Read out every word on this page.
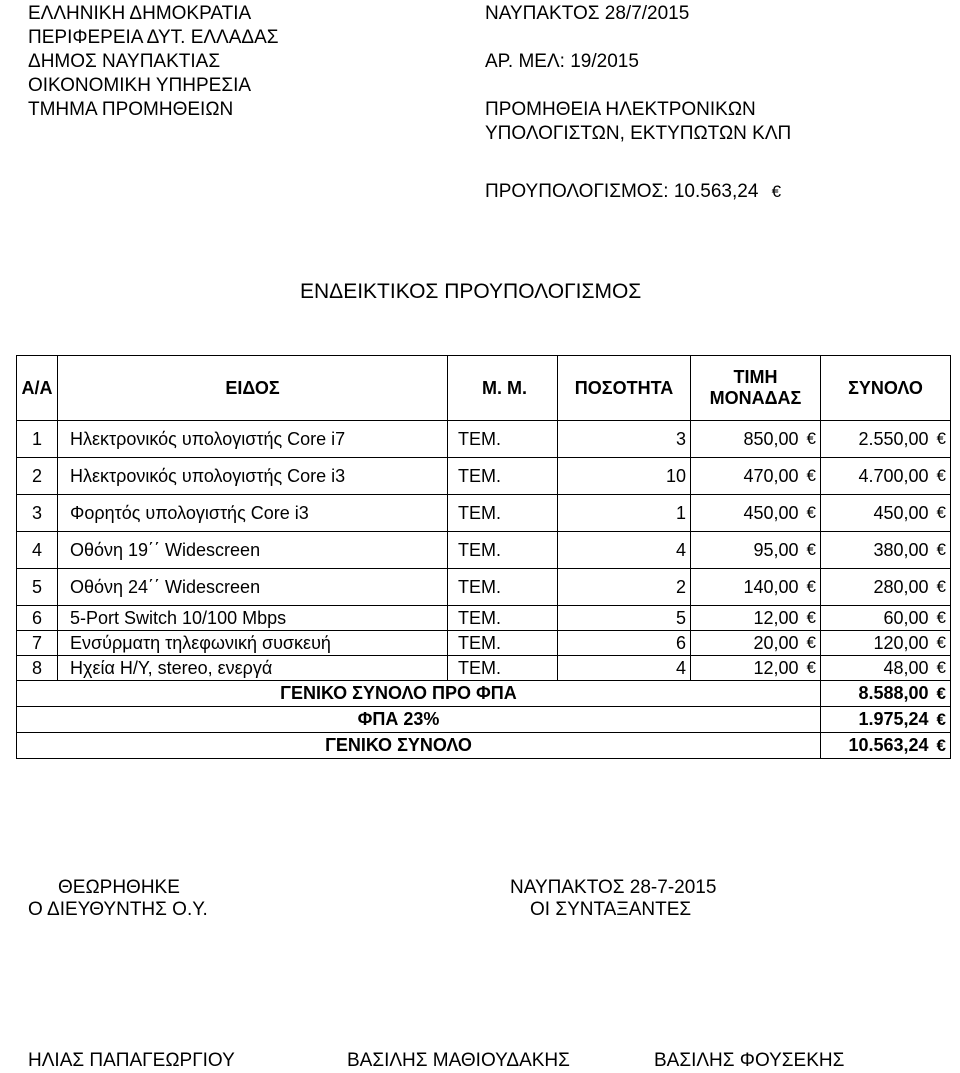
ΕΛΛΗΝΙΚΗ ΔΗΜΟΚΡΑΤΙΑ
ΠΕΡΙΦΕΡΕΙΑ ΔΥΤ. ΕΛΛΑΔΑΣ
ΔΗΜΟΣ ΝΑΥΠΑΚΤΙΑΣ
ΟΙΚΟΝΟΜΙΚΗ ΥΠΗΡΕΣΙΑ
ΤΜΗΜΑ ΠΡΟΜΗΘΕΙΩΝ
ΝΑΥΠΑΚΤΟΣ 28/7/2015
ΑΡ. ΜΕΛ: 19/2015
ΠΡΟΜΗΘΕΙΑ ΗΛΕΚΤΡΟΝΙΚΩΝ
ΥΠΟΛΟΓΙΣΤΩΝ, ΕΚΤΥΠΩΤΩΝ ΚΛΠ
ΠΡΟΥΠΟΛΟΓΙΣΜΟΣ: 10.563,24 €
ΕΝΔΕΙΚΤΙΚΟΣ ΠΡΟΥΠΟΛΟΓΙΣΜΟΣ
Α/Α	ΕΙΔΟΣ	Μ. Μ.	ΠΟΣΟΤΗΤΑ	ΤΙΜΗ
ΜΟΝΑΔΑΣ	ΣΥΝΟΛΟ
1	Ηλεκτρονικός υπολογιστής Core i7	ΤΕΜ.	3	850,00 €	2.550,00 €

2	Ηλεκτρονικός υπολογιστής Core i3	ΤΕΜ.	10	470,00 €	4.700,00 €

3	Φορητός υπολογιστής Core i3	ΤΕΜ.	1	450,00 €	450,00 €

4	Οθόνη 19΄΄ Widescreen	ΤΕΜ.	4	95,00 €	380,00 €

5	Οθόνη 24΄΄ Widescreen	ΤΕΜ.	2	140,00 €	280,00 €

6	5-Port Switch 10/100 Mbps	ΤΕΜ.	5	12,00 €	60,00 €

7	Ενσύρματη τηλεφωνική συσκευή	ΤΕΜ.	6	20,00 €	120,00 €

8	Ηχεία Η/Υ, stereo, ενεργά	ΤΕΜ.	4	12,00 €	48,00 €

ΓΕΝΙΚΟ ΣΥΝΟΛΟ ΠΡΟ ΦΠΑ					8.588,00 €

ΦΠΑ 23%					1.975,24 €

ΓΕΝΙΚΟ ΣΥΝΟΛΟ					10.563,24 €
ΘΕΩΡΗΘΗΚΕ
Ο ΔΙΕΥΘΥΝΤΗΣ Ο.Υ.
ΝΑΥΠΑΚΤΟΣ 28-7-2015
ΟΙ ΣΥΝΤΑΞΑΝΤΕΣ
ΗΛΙΑΣ ΠΑΠΑΓΕΩΡΓΙΟΥ	ΒΑΣΙΛΗΣ ΜΑΘΙΟΥΔΑΚΗΣ	ΒΑΣΙΛΗΣ ΦΟΥΣΕΚΗΣ
